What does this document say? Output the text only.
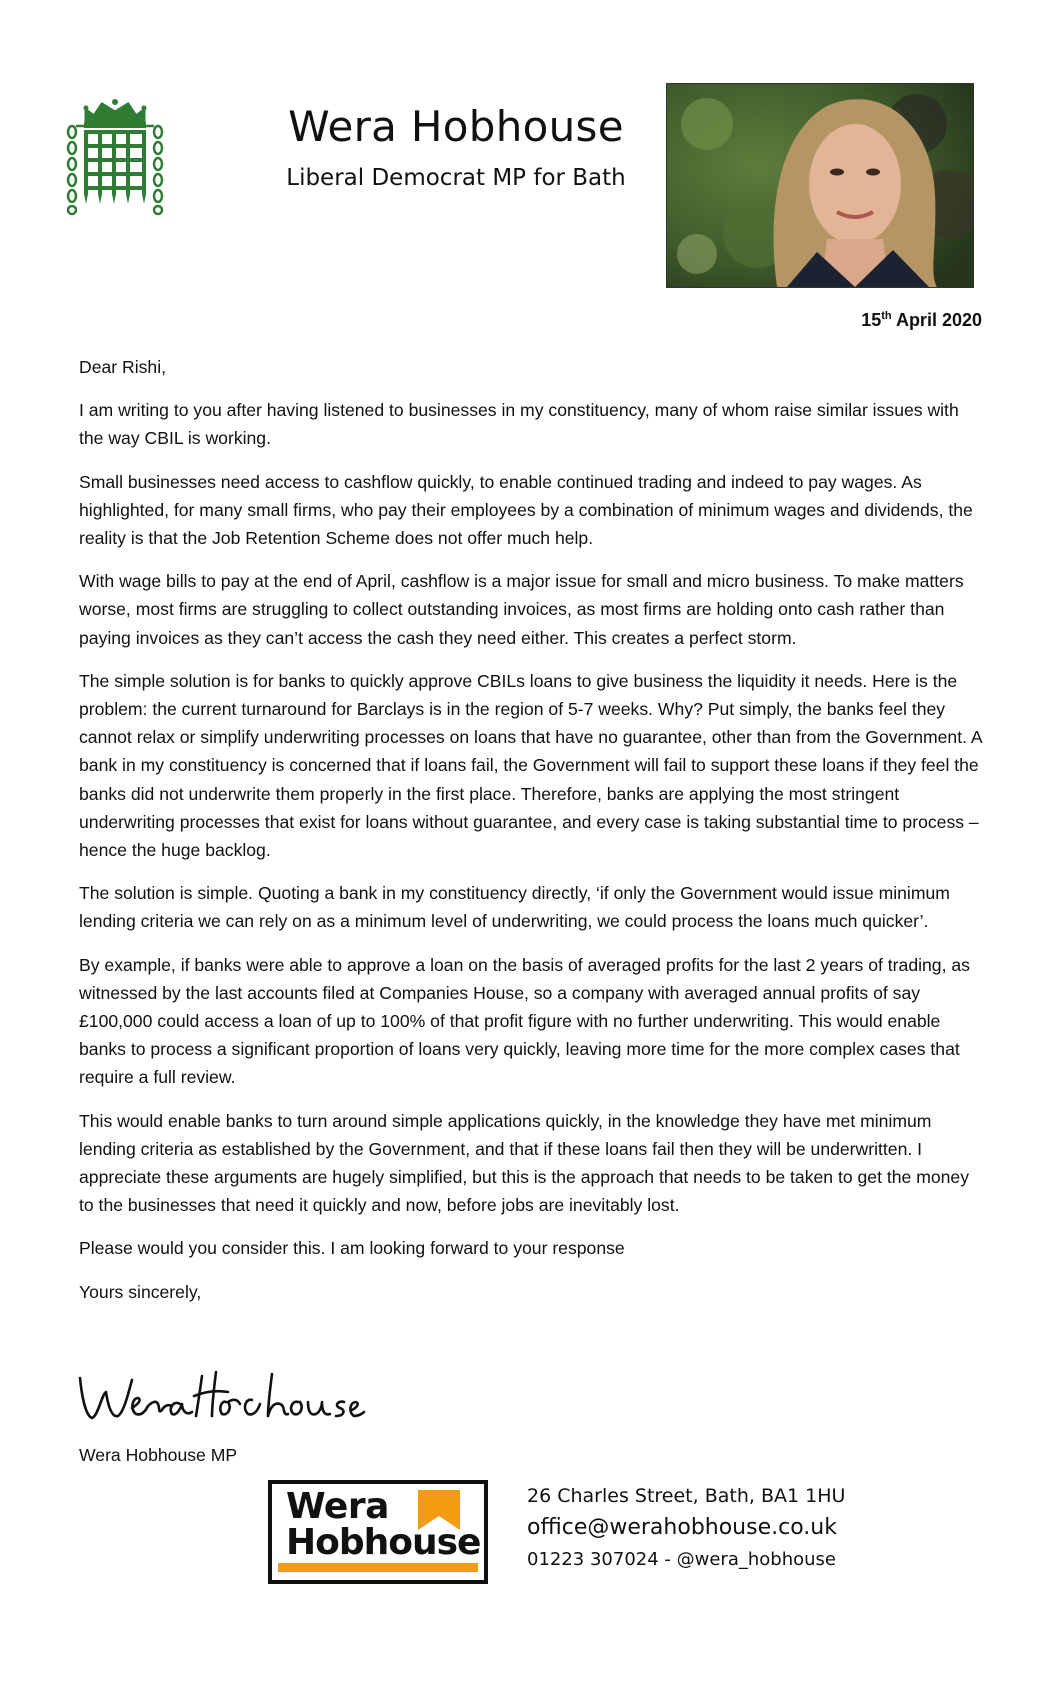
Wera Hobhouse
Liberal Democrat MP for Bath
15th April 2020

Dear Rishi,

I am writing to you after having listened to businesses in my constituency, many of whom raise similar issues with the way CBIL is working.

Small businesses need access to cashflow quickly, to enable continued trading and indeed to pay wages. As highlighted, for many small firms, who pay their employees by a combination of minimum wages and dividends, the reality is that the Job Retention Scheme does not offer much help.

With wage bills to pay at the end of April, cashflow is a major issue for small and micro business. To make matters worse, most firms are struggling to collect outstanding invoices, as most firms are holding onto cash rather than paying invoices as they can’t access the cash they need either. This creates a perfect storm.

The simple solution is for banks to quickly approve CBILs loans to give business the liquidity it needs. Here is the problem: the current turnaround for Barclays is in the region of 5-7 weeks. Why? Put simply, the banks feel they cannot relax or simplify underwriting processes on loans that have no guarantee, other than from the Government. A bank in my constituency is concerned that if loans fail, the Government will fail to support these loans if they feel the banks did not underwrite them properly in the first place. Therefore, banks are applying the most stringent underwriting processes that exist for loans without guarantee, and every case is taking substantial time to process – hence the huge backlog.

The solution is simple. Quoting a bank in my constituency directly, ‘if only the Government would issue minimum lending criteria we can rely on as a minimum level of underwriting, we could process the loans much quicker’.

By example, if banks were able to approve a loan on the basis of averaged profits for the last 2 years of trading, as witnessed by the last accounts filed at Companies House, so a company with averaged annual profits of say £100,000 could access a loan of up to 100% of that profit figure with no further underwriting. This would enable banks to process a significant proportion of loans very quickly, leaving more time for the more complex cases that require a full review.

This would enable banks to turn around simple applications quickly, in the knowledge they have met minimum lending criteria as established by the Government, and that if these loans fail then they will be underwritten. I appreciate these arguments are hugely simplified, but this is the approach that needs to be taken to get the money to the businesses that need it quickly and now, before jobs are inevitably lost.

Please would you consider this. I am looking forward to your response

Yours sincerely,

Wera Hobhouse MP
Wera
Hobhouse
26 Charles Street, Bath, BA1 1HU
office@werahobhouse.co.uk
01223 307024 - @wera_hobhouse
